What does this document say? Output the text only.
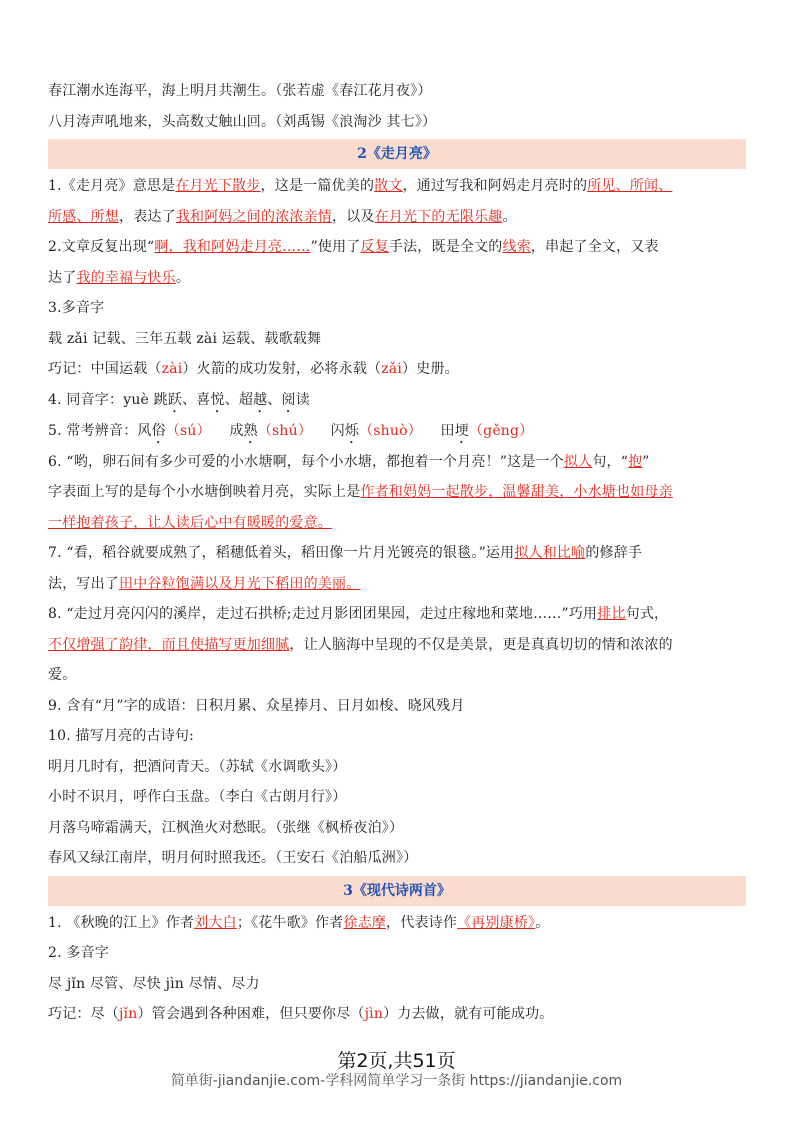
春江潮水连海平，海上明月共潮生。（张若虚《春江花月夜》）
八月涛声吼地来，头高数丈触山回。（刘禹锡《浪淘沙 其七》）
2《走月亮》
1.《走月亮》意思是在月光下散步，这是一篇优美的散文，通过写我和阿妈走月亮时的所见、所闻、
所感、所想，表达了我和阿妈之间的浓浓亲情，以及在月光下的无限乐趣。
2.文章反复出现“啊，我和阿妈走月亮……”使用了反复手法，既是全文的线索，串起了全文，又表
达了我的幸福与快乐。
3.多音字
载 zǎi 记载、三年五载 zài 运载、载歌载舞
巧记：中国运载（zài）火箭的成功发射，必将永载（zǎi）史册。
4. 同音字：yuè 跳跃、喜悦、超越、阅读
5. 常考辨音：风俗（sú） 成熟（shú） 闪烁（shuò） 田埂（gěng）
6. “哟，卵石间有多少可爱的小水塘啊，每个小水塘，都抱着一个月亮！”这是一个拟人句，“抱”
字表面上写的是每个小水塘倒映着月亮，实际上是作者和妈妈一起散步，温馨甜美，小水塘也如母亲
一样抱着孩子，让人读后心中有暖暖的爱意。
7. “看，稻谷就要成熟了，稻穗低着头，稻田像一片月光镀亮的银毯。”运用拟人和比喻的修辞手
法，写出了田中谷粒饱满以及月光下稻田的美丽。
8. “走过月亮闪闪的溪岸，走过石拱桥;走过月影团团果园，走过庄稼地和菜地……”巧用排比句式，
不仅增强了韵律，而且使描写更加细腻，让人脑海中呈现的不仅是美景，更是真真切切的情和浓浓的
爱。
9. 含有“月”字的成语：日积月累、众星捧月、日月如梭、晓风残月
10. 描写月亮的古诗句:
明月几时有，把酒问青天。（苏轼《水调歌头》）
小时不识月，呼作白玉盘。（李白《古朗月行》）
月落乌啼霜满天，江枫渔火对愁眠。（张继《枫桥夜泊》）
春风又绿江南岸，明月何时照我还。（王安石《泊船瓜洲》）
3《现代诗两首》
1. 《秋晚的江上》作者刘大白；《花牛歌》作者徐志摩，代表诗作《再别康桥》。
2. 多音字
尽 jǐn 尽管、尽快 jìn 尽情、尽力
巧记：尽（jǐn）管会遇到各种困难，但只要你尽（jìn）力去做，就有可能成功。
第2页,共51页
简单街-jiandanjie.com-学科网简单学习一条街 https://jiandanjie.com
